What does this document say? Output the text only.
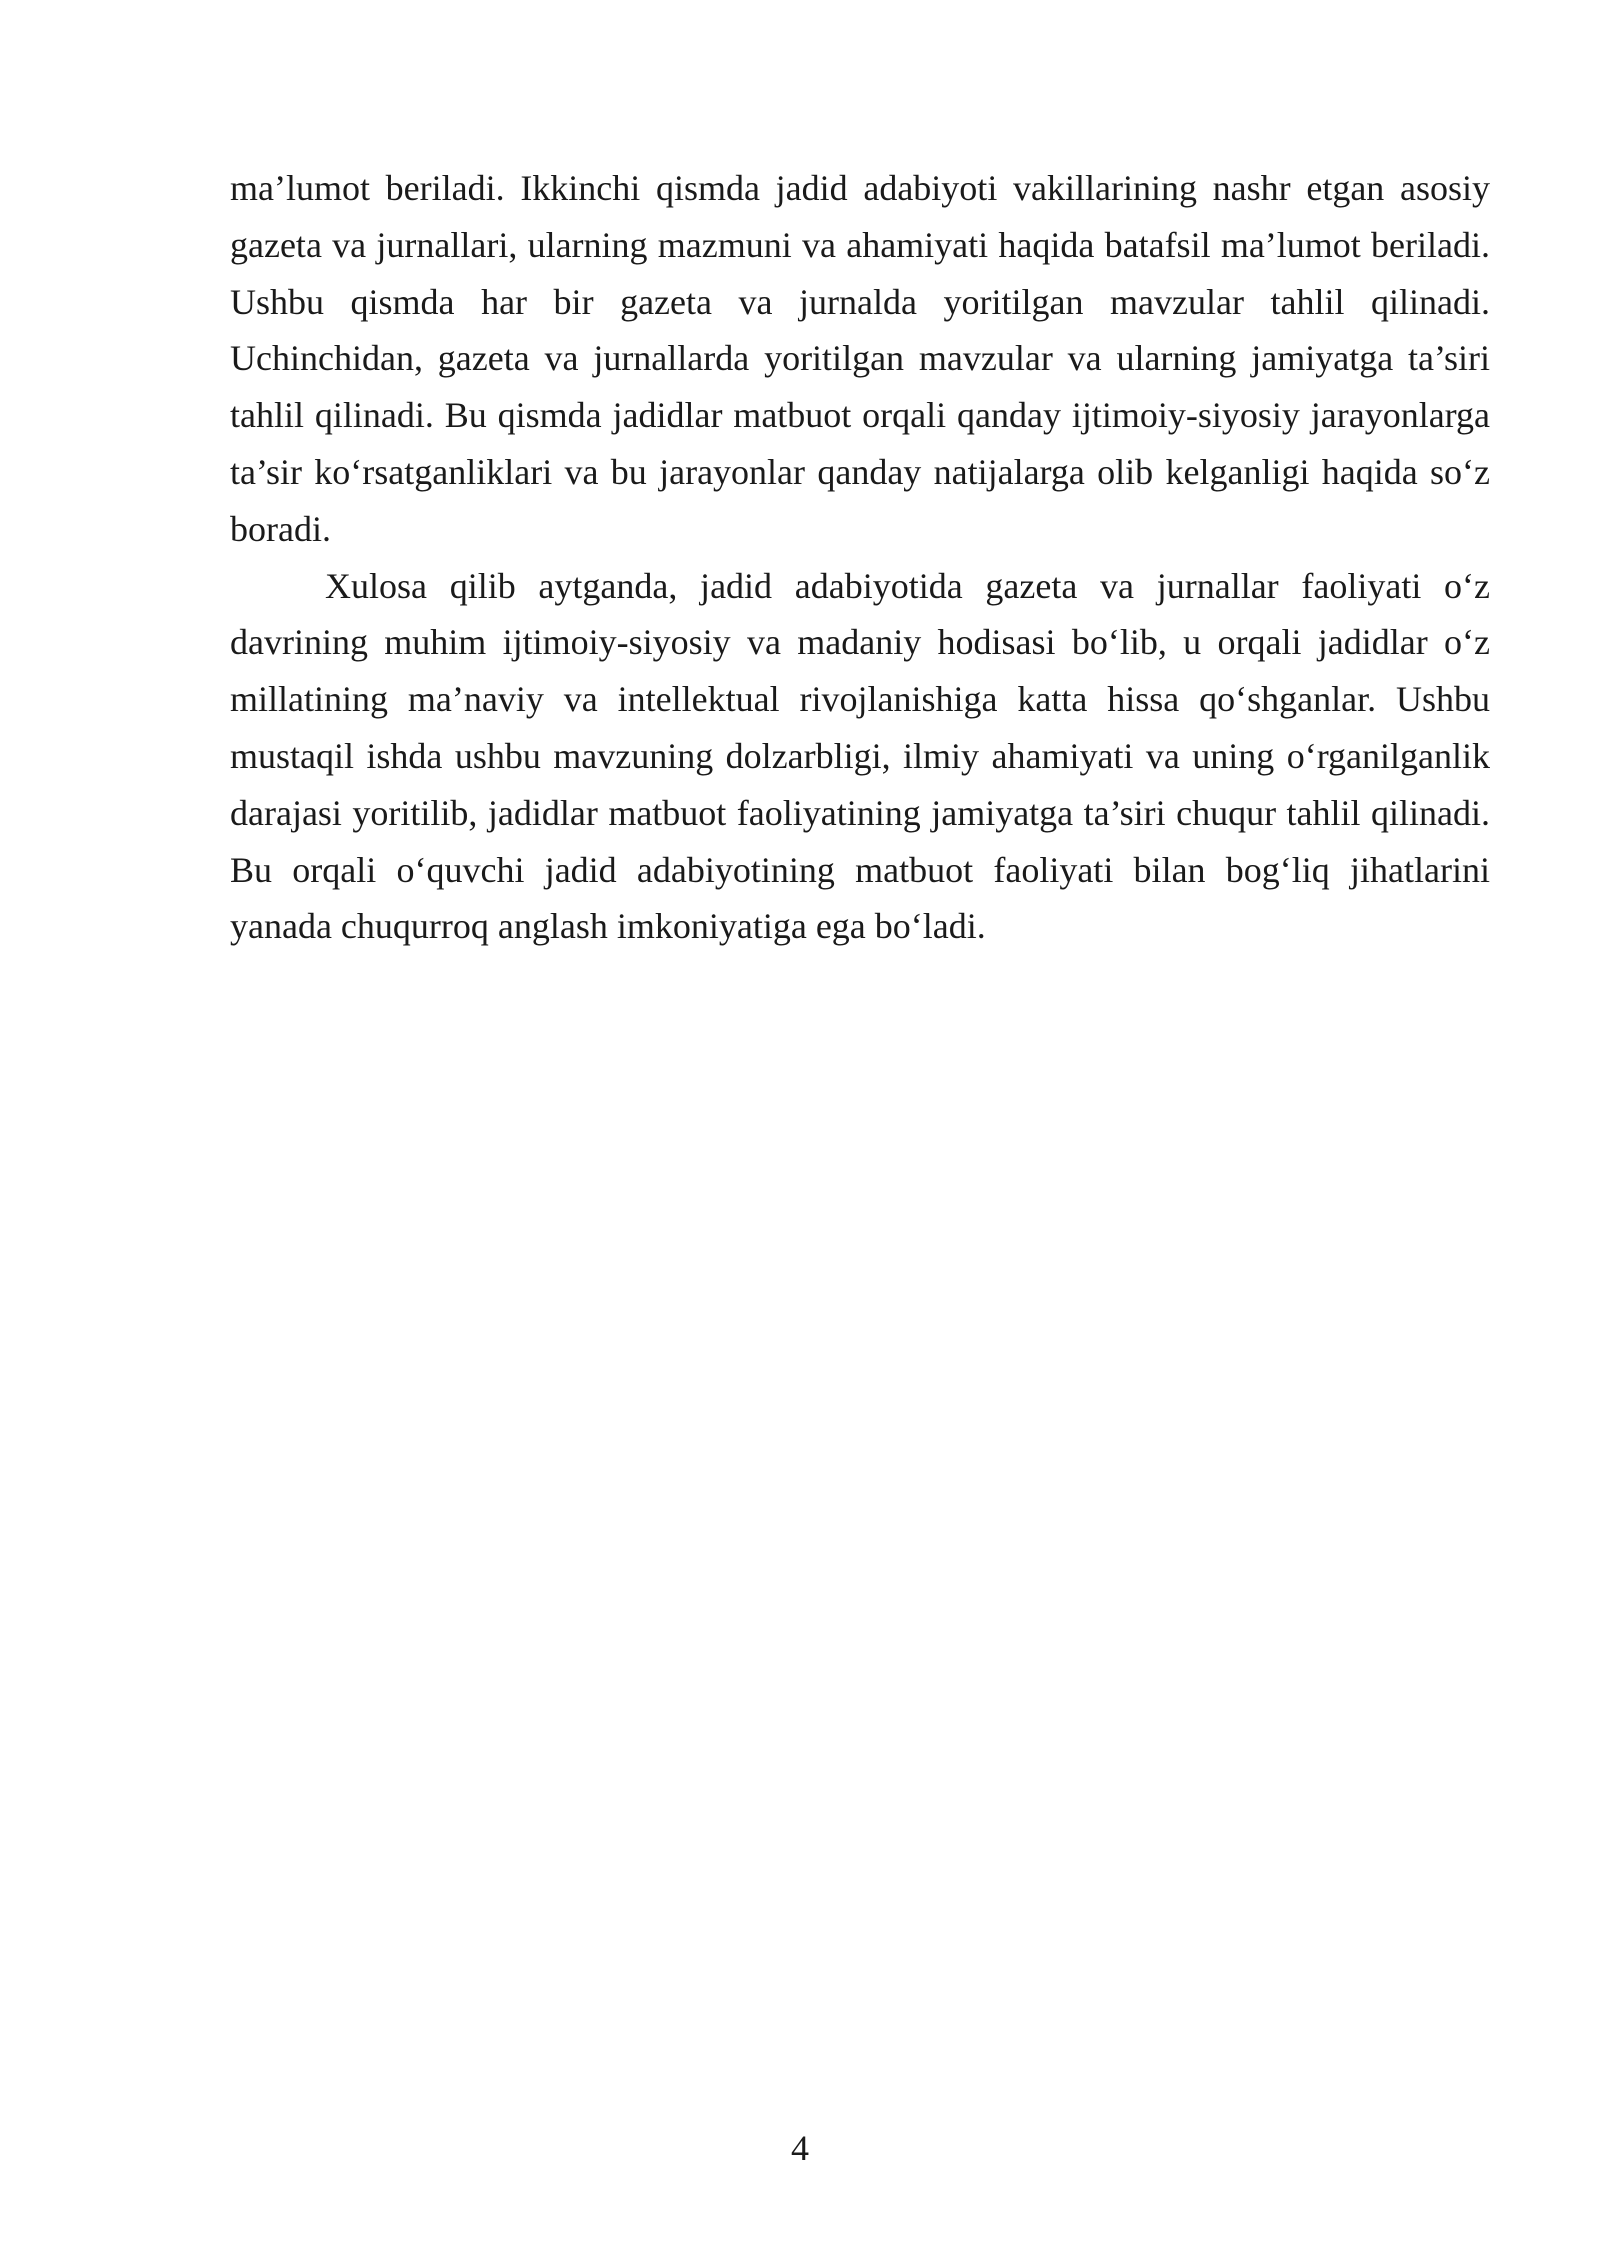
ma’lumot beriladi. Ikkinchi qismda jadid adabiyoti vakillarining nashr etgan asosiy gazeta va jurnallari, ularning mazmuni va ahamiyati haqida batafsil ma’lumot beriladi. Ushbu qismda har bir gazeta va jurnalda yoritilgan mavzular tahlil qilinadi. Uchinchidan, gazeta va jurnallarda yoritilgan mavzular va ularning jamiyatga ta’siri tahlil qilinadi. Bu qismda jadidlar matbuot orqali qanday ijtimoiy-siyosiy jarayonlarga ta’sir ko‘rsatganliklari va bu jarayonlar qanday natijalarga olib kelganligi haqida so‘z boradi.

Xulosa qilib aytganda, jadid adabiyotida gazeta va jurnallar faoliyati o‘z davrining muhim ijtimoiy-siyosiy va madaniy hodisasi bo‘lib, u orqali jadidlar o‘z millatining ma’naviy va intellektual rivojlanishiga katta hissa qo‘shganlar. Ushbu mustaqil ishda ushbu mavzuning dolzarbligi, ilmiy ahamiyati va uning o‘rganilganlik darajasi yoritilib, jadidlar matbuot faoliyatining jamiyatga ta’siri chuqur tahlil qilinadi. Bu orqali o‘quvchi jadid adabiyotining matbuot faoliyati bilan bog‘liq jihatlarini yanada chuqurroq anglash imkoniyatiga ega bo‘ladi.

4
